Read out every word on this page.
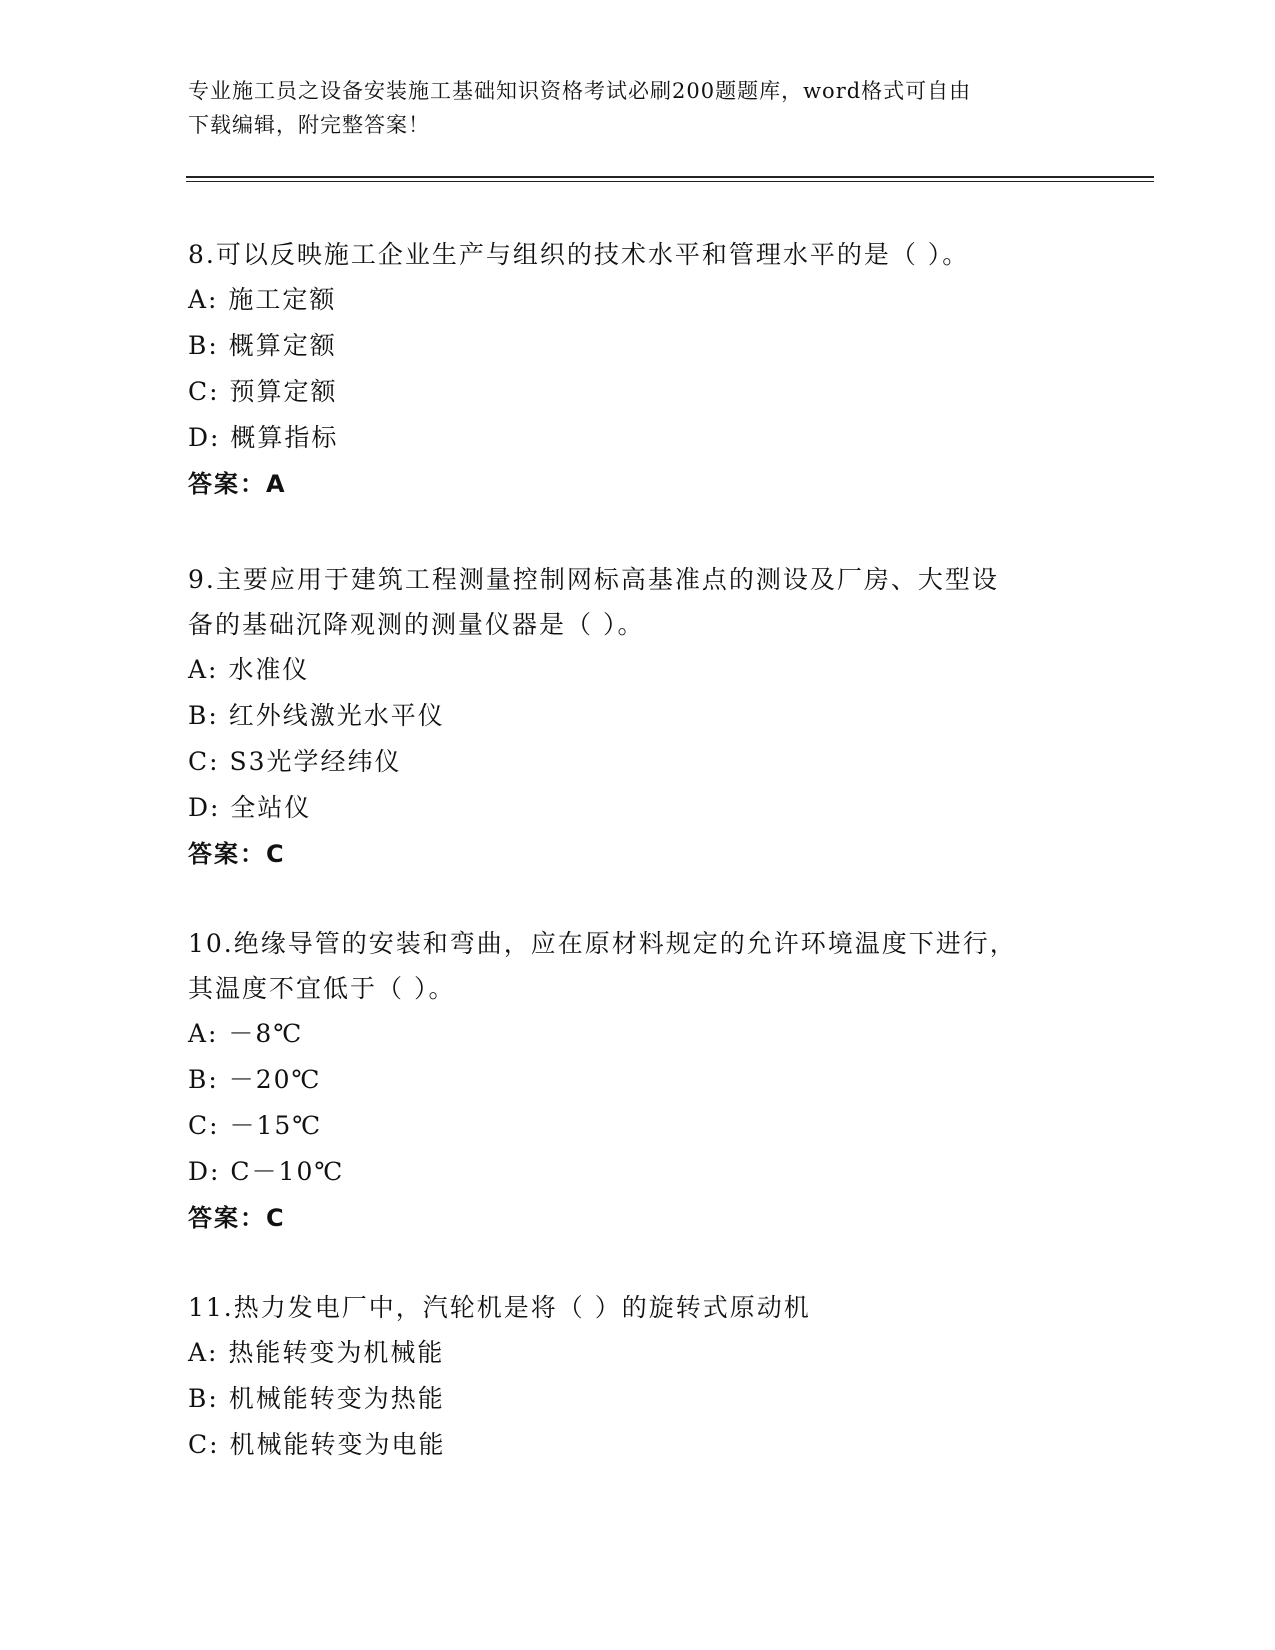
专业施工员之设备安装施工基础知识资格考试必刷200题题库，word格式可自由
下载编辑，附完整答案！
8.可以反映施工企业生产与组织的技术水平和管理水平的是（ ）。
A: 施工定额
B: 概算定额
C: 预算定额
D: 概算指标
答案：A
9.主要应用于建筑工程测量控制网标高基准点的测设及厂房、大型设
备的基础沉降观测的测量仪器是（ ）。
A: 水准仪
B: 红外线激光水平仪
C: S3光学经纬仪
D: 全站仪
答案：C
10.绝缘导管的安装和弯曲，应在原材料规定的允许环境温度下进行，
其温度不宜低于（ ）。
A: －8℃
B: －20℃
C: －15℃
D: C－10℃
答案：C
11.热力发电厂中，汽轮机是将（ ）的旋转式原动机
A: 热能转变为机械能
B: 机械能转变为热能
C: 机械能转变为电能
